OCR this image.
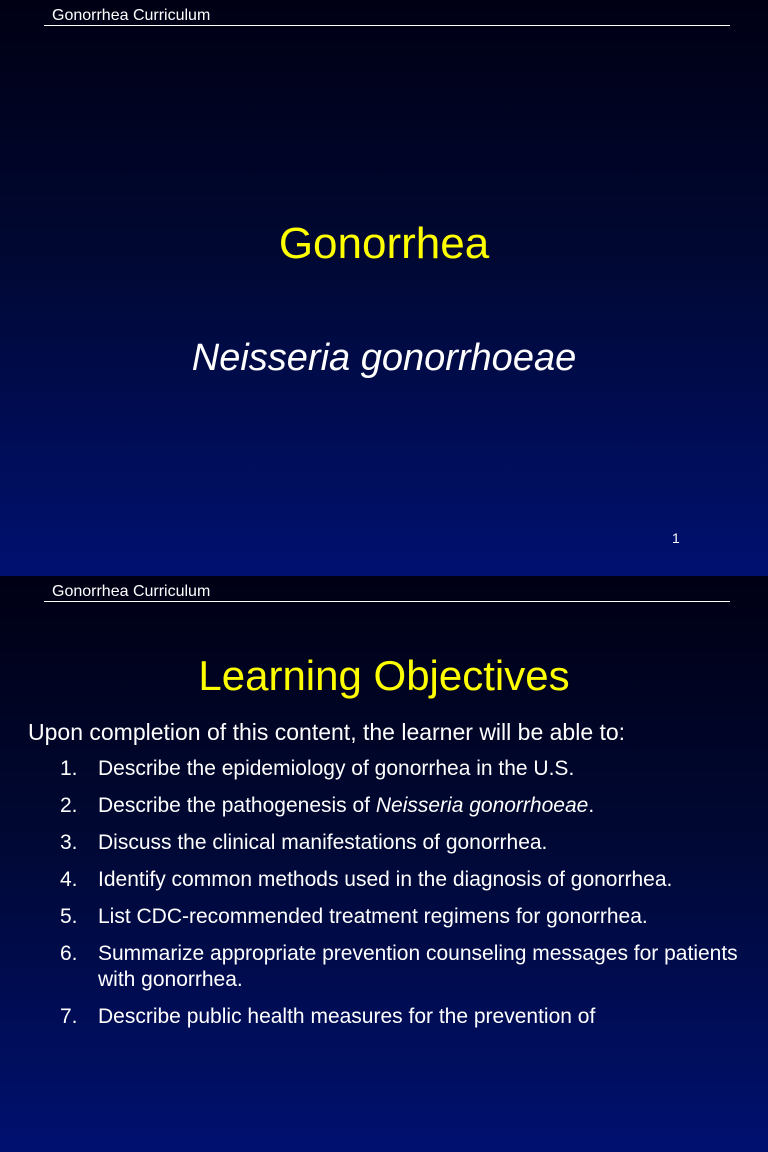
Gonorrhea Curriculum
Gonorrhea
Neisseria gonorrhoeae
1
Gonorrhea Curriculum
Learning Objectives
Upon completion of this content, the learner will be able to:
1. Describe the epidemiology of gonorrhea in the U.S.
2. Describe the pathogenesis of Neisseria gonorrhoeae.
3. Discuss the clinical manifestations of gonorrhea.
4. Identify common methods used in the diagnosis of gonorrhea.
5. List CDC-recommended treatment regimens for gonorrhea.
6. Summarize appropriate prevention counseling messages for patients with gonorrhea.
7. Describe public health measures for the prevention of
